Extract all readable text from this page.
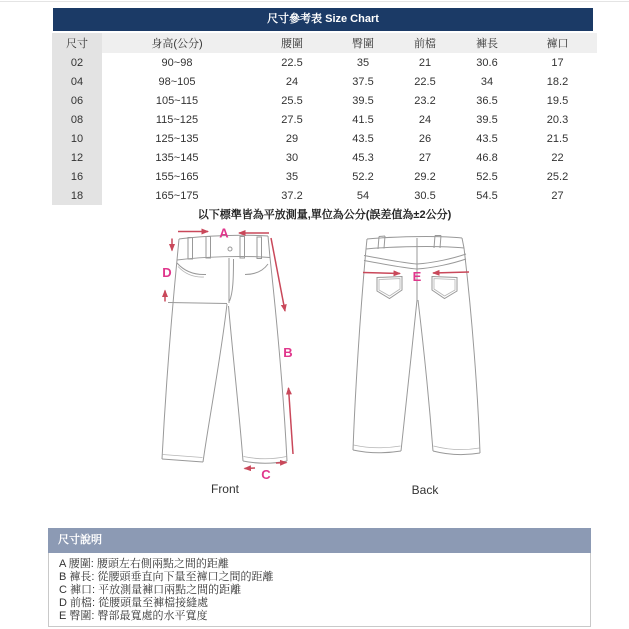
尺寸參考表 Size Chart
尺寸	身高(公分)	腰圍	臀圍	前檔	褲長	褲口
02	90~98	22.5	35	21	30.6	17
04	98~105	24	37.5	22.5	34	18.2
06	105~115	25.5	39.5	23.2	36.5	19.5
08	115~125	27.5	41.5	24	39.5	20.3
10	125~135	29	43.5	26	43.5	21.5
12	135~145	30	45.3	27	46.8	22
16	155~165	35	52.2	29.2	52.5	25.2
18	165~175	37.2	54	30.5	54.5	27
以下標準皆為平放測量,單位為公分(誤差值為±2公分)
A
D
B
C
E
Front	Back
尺寸說明
A 腰圍: 腰頭左右側兩點之間的距離
B 褲長: 從腰頭垂直向下量至褲口之間的距離
C 褲口: 平放測量褲口兩點之間的距離
D 前檔: 從腰頭量至褲檔接縫處
E 臀圍: 臀部最寬處的水平寬度
